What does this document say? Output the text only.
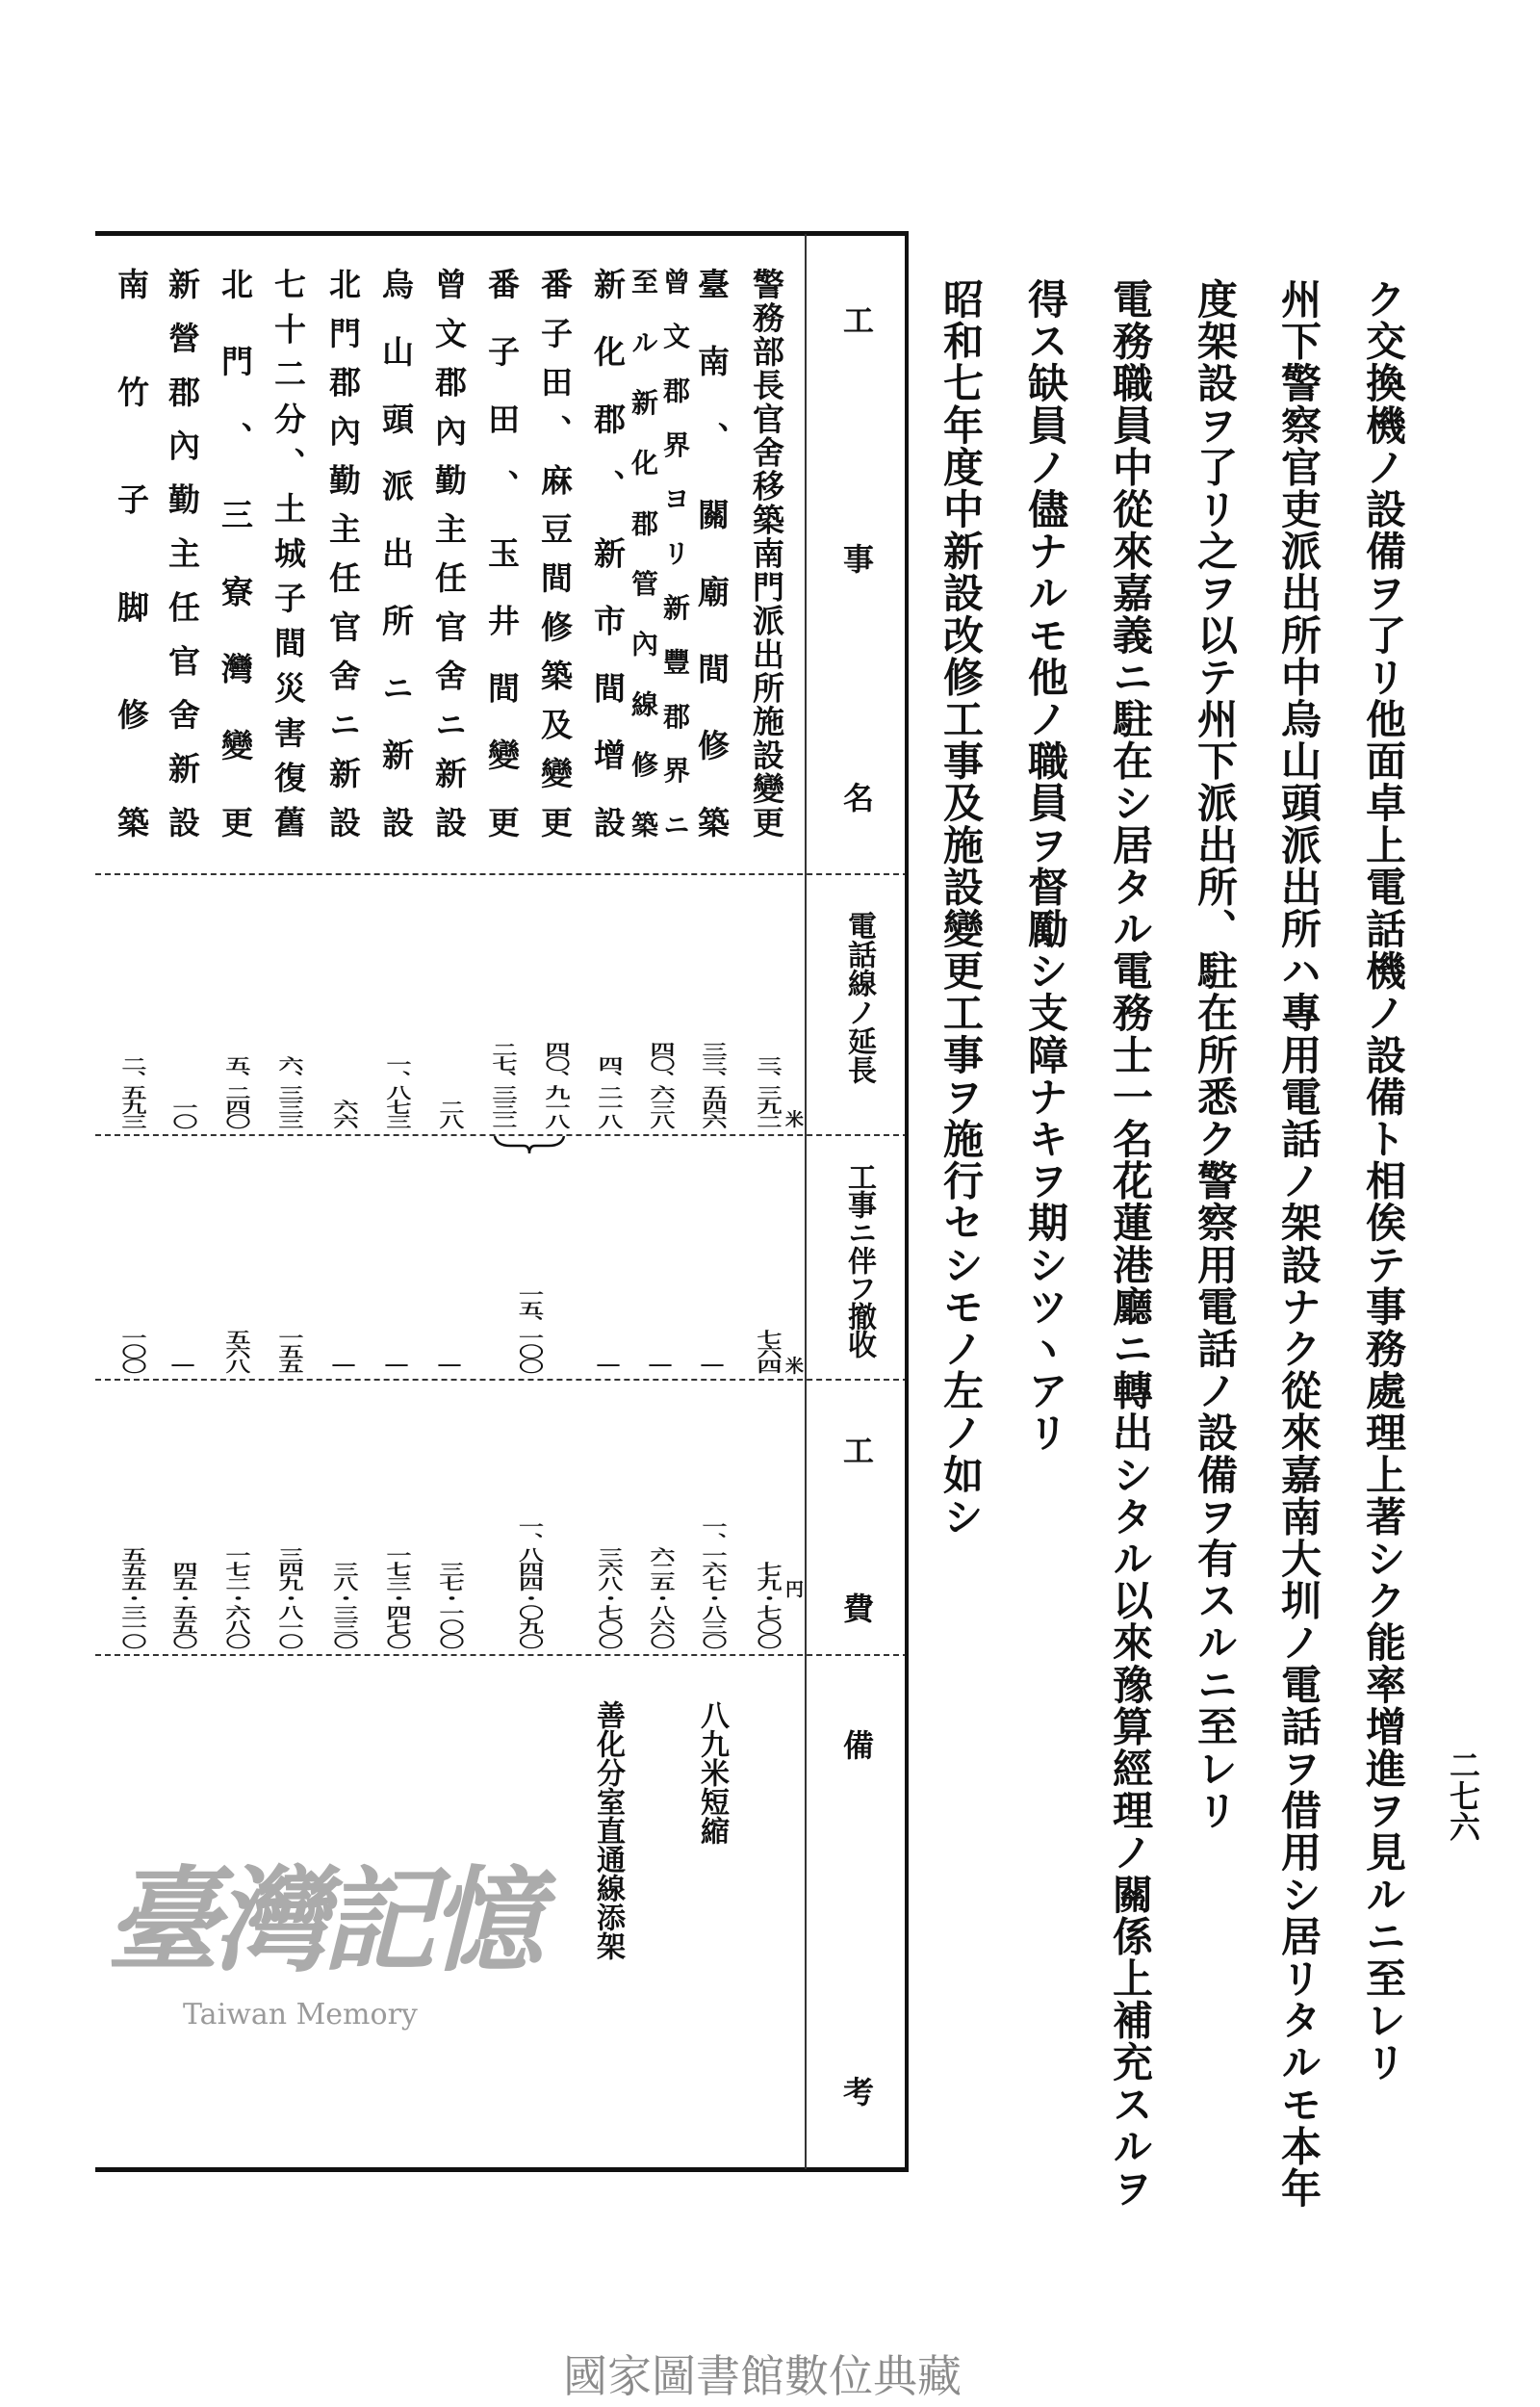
二七六
ク交換機ノ設備ヲ了リ他面卓上電話機ノ設備ト相俟テ事務處理上著シク能率增進ヲ見ルニ至レリ
州下警察官吏派出所中烏山頭派出所ハ專用電話ノ架設ナク從來嘉南大圳ノ電話ヲ借用シ居リタルモ本年
度架設ヲ了リ之ヲ以テ州下派出所、駐在所悉ク警察用電話ノ設備ヲ有スルニ至レリ
電務職員中從來嘉義ニ駐在シ居タル電務士一名花蓮港廳ニ轉出シタル以來豫算經理ノ關係上補充スルヲ
得ス缺員ノ儘ナルモ他ノ職員ヲ督勵シ支障ナキヲ期シツヽアリ
昭和七年度中新設改修工事及施設變更工事ヲ施行セシモノ左ノ如シ
工
事
名
電話線ノ延長
工事ニ伴フ撤收
工
費
備
考
米
米
円
警務部長官舍移築南門派出所施設變更
三、三九二
七六四
七九・七〇〇
臺南、關廟間修築
三三、五四六
—
一、一六七・八三〇
八九米短縮
曾文郡界ヨリ新豐郡界ニ
至ル新化郡管內線修築
四〇、六三八
—
六二五・八六〇
新化郡、新市間增設
四、二一八
—
三六八・七〇〇
善化分室直通線添架
番子田、麻豆間修築及變更
四〇、九一八
一五、一〇〇
一、八四四・〇九〇
番子田、玉井間變更
二七、三三二
曾文郡內勤主任官舍ニ新設
二八
—
三七・一〇〇
烏山頭派出所ニ新設
一、八七三
—
一七三・四七〇
北門郡內勤主任官舍ニ新設
六六
—
三八・三三〇
七十二分、土城子間災害復舊
六、三三三
一五五
三四九・八一〇
北門、三寮灣變更
五、二四〇
五六八
一七二・六八〇
新營郡內勤主任官舍新設
一〇
—
四五・五五〇
南竹子脚修築
二、五九三
一〇〇
五五五・三一〇
臺灣記憶
Taiwan Memory
國家圖書館數位典藏
